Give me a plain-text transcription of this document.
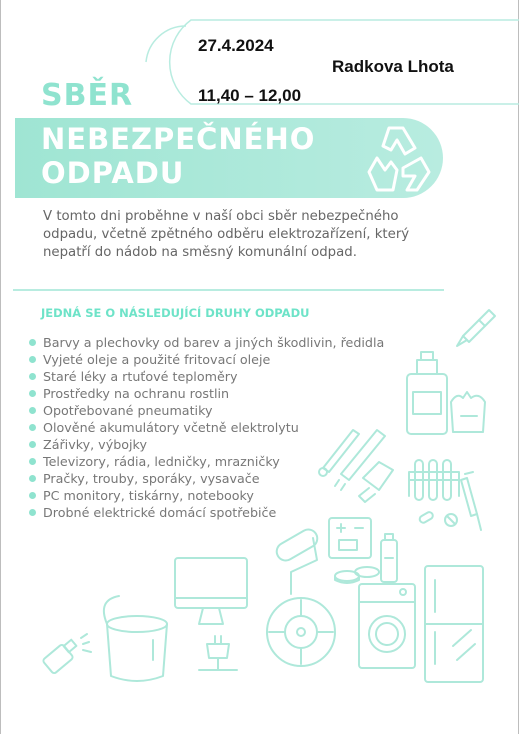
27.4.2024
Radkova Lhota
11,40 – 12,00
SBĚR
NEBEZPEČNÉHO
ODPADU
V tomto dni proběhne v naší obci sběr nebezpečného odpadu, včetně zpětného odběru elektrozařízení, který nepatří do nádob na směsný komunální odpad.
JEDNÁ SE O NÁSLEDUJÍCÍ DRUHY ODPADU
Barvy a plechovky od barev a jiných škodlivin, ředidla
Vyjeté oleje a použité fritovací oleje
Staré léky a rtuťové teploměry
Prostředky na ochranu rostlin
Opotřebované pneumatiky
Olověné akumulátory včetně elektrolytu
Zářivky, výbojky
Televizory, rádia, ledničky, mrazničky
Pračky, trouby, sporáky, vysavače
PC monitory, tiskárny, notebooky
Drobné elektrické domácí spotřebiče
